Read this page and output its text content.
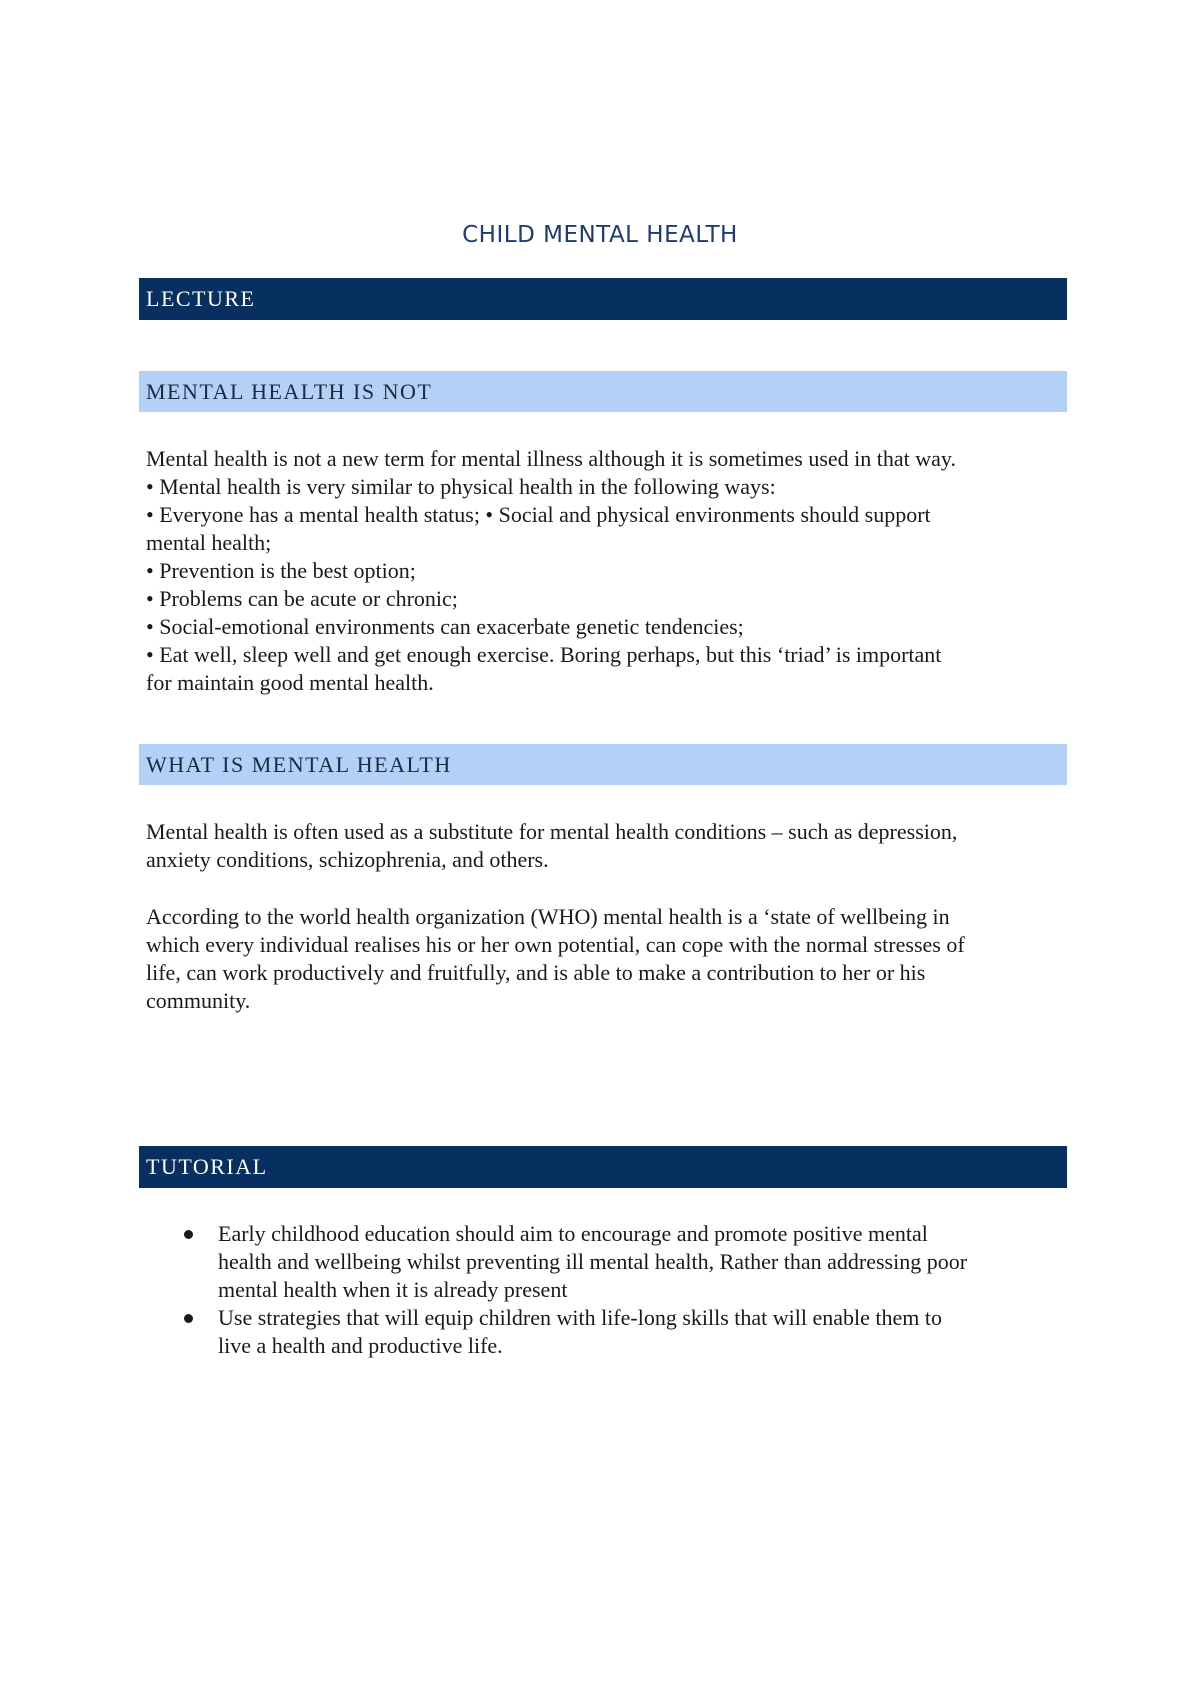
CHILD MENTAL HEALTH
LECTURE
MENTAL HEALTH IS NOT
Mental health is not a new term for mental illness although it is sometimes used in that way.
• Mental health is very similar to physical health in the following ways:
• Everyone has a mental health status; • Social and physical environments should support
mental health;
• Prevention is the best option;
• Problems can be acute or chronic;
• Social-emotional environments can exacerbate genetic tendencies;
• Eat well, sleep well and get enough exercise. Boring perhaps, but this ‘triad’ is important
for maintain good mental health.
WHAT IS MENTAL HEALTH
Mental health is often used as a substitute for mental health conditions – such as depression,
anxiety conditions, schizophrenia, and others.
According to the world health organization (WHO) mental health is a ‘state of wellbeing in
which every individual realises his or her own potential, can cope with the normal stresses of
life, can work productively and fruitfully, and is able to make a contribution to her or his
community.
TUTORIAL
Early childhood education should aim to encourage and promote positive mental
health and wellbeing whilst preventing ill mental health, Rather than addressing poor
mental health when it is already present
Use strategies that will equip children with life-long skills that will enable them to
live a health and productive life.
